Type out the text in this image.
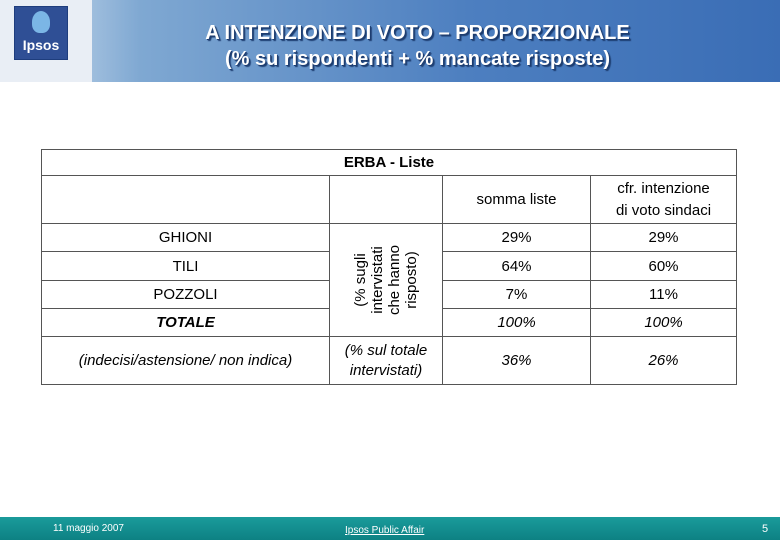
Ipsos
A INTENZIONE DI VOTO – PROPORZIONALE
(% su rispondenti + % mancate risposte)
ERBA - Liste			
		somma liste	cfr. intenzione
di voto sindaci

GHIONI	(% sugli intervistati che hanno risposto)	29%	29%
TILI		64%	60%
POZZOLI		7%	11%
TOTALE		100%	100%
(indecisi/astensione/ non indica)	(% sul totale
intervistati)	36%	26%
11 maggio 2007	Ipsos Public Affair	5
